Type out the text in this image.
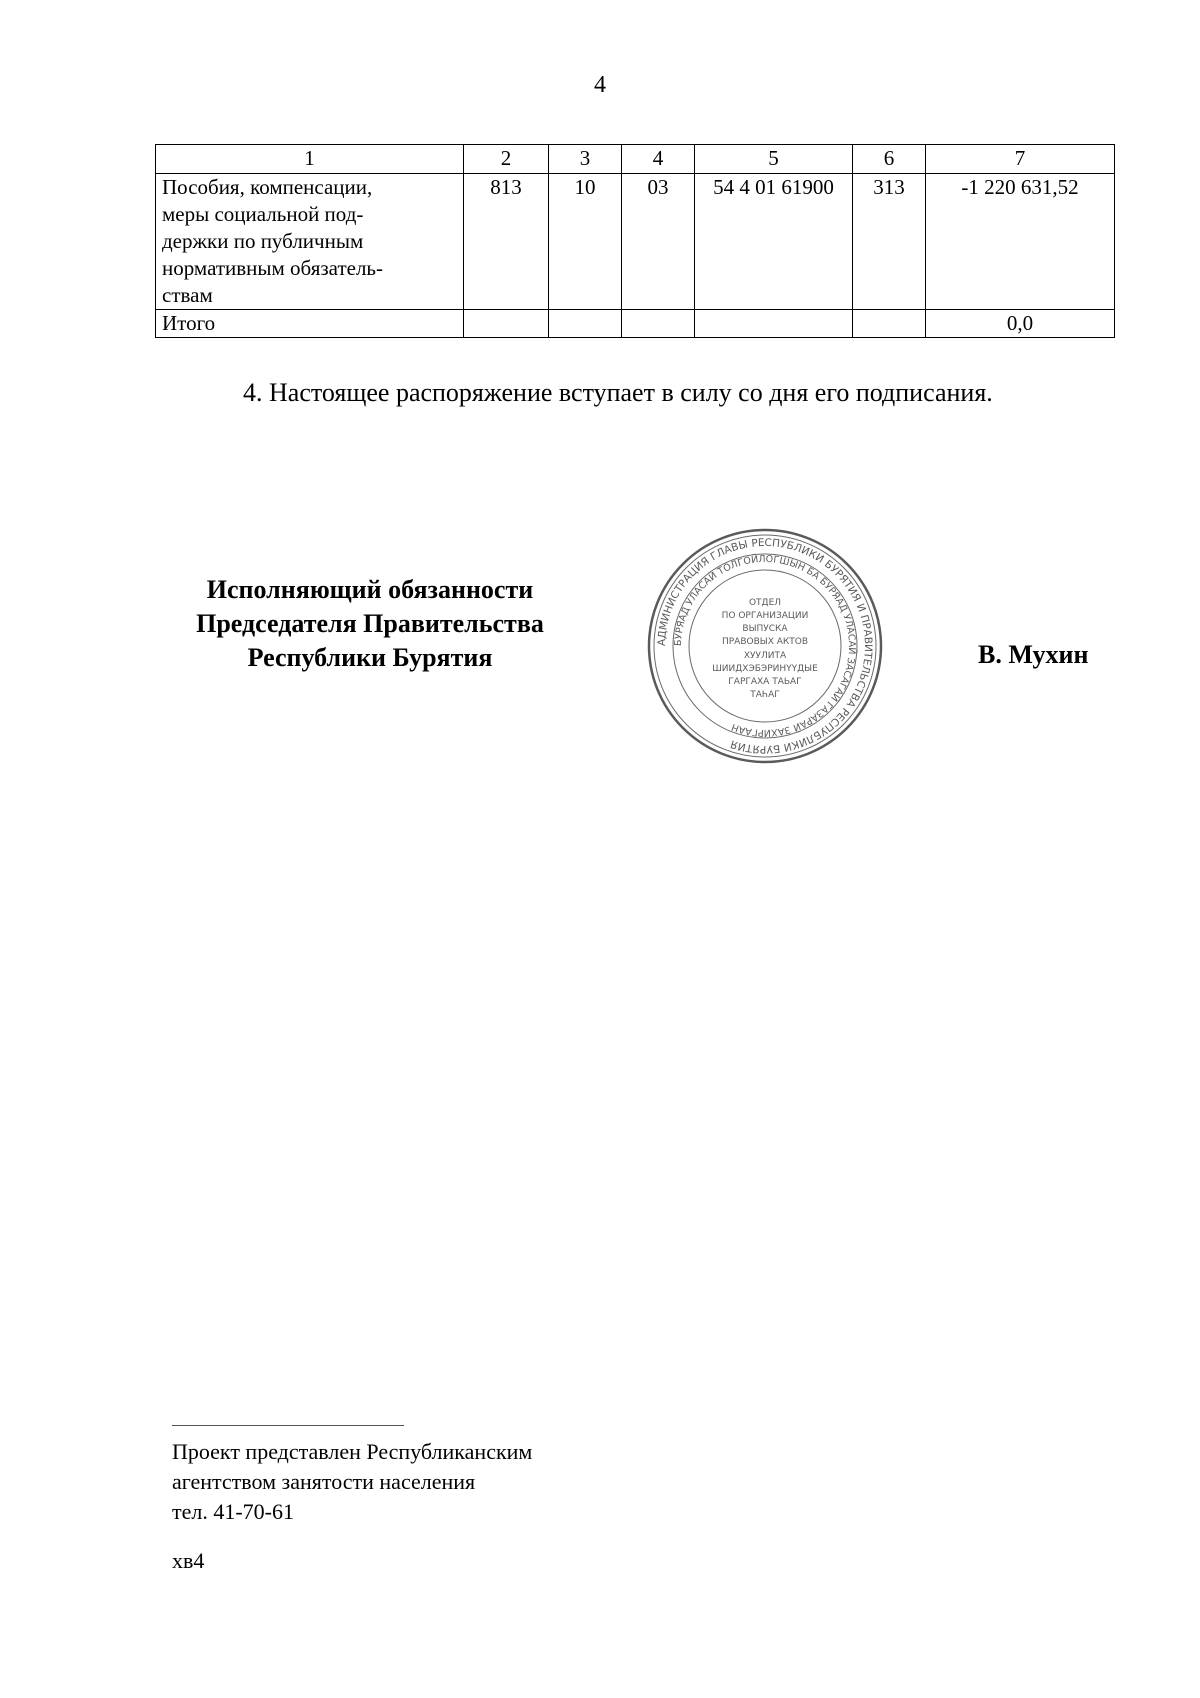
4
1	2	3	4	5	6	7

Пособия, компенсации,
меры социальной под-
держки по публичным
нормативным обязатель-
ствам	813	10	03	54 4 01 61900	313	-1 220 631,52
Итого						0,0
4. Настоящее распоряжение вступает в силу со дня его подписания.
Исполняющий обязанности
Председателя Правительства
Республики Бурятия
АДМИНИСТРАЦИЯ ГЛАВЫ РЕСПУБЛИКИ БУРЯТИЯ И ПРАВИТЕЛЬСТВА РЕСПУБЛИКИ БУРЯТИЯ
БУРЯАД УЛАСАЙ ТОЛГОЙЛОГШЫН БА БУРЯАД УЛАСАЙ ЗАСАГАЙ ГАЗАРАЙ ЗАХИРГААН
ОТДЕЛ
ПО ОРГАНИЗАЦИИ
ВЫПУСКА
ПРАВОВЫХ АКТОВ
ХУУЛИТА
ШИИДХЭБЭРИНҮҮДЫЕ
ГАРГАХА ТАЬАГ
ТАҺАГ
В. Мухин
Проект представлен Республиканским
агентством занятости населения
тел. 41-70-61
хв4
